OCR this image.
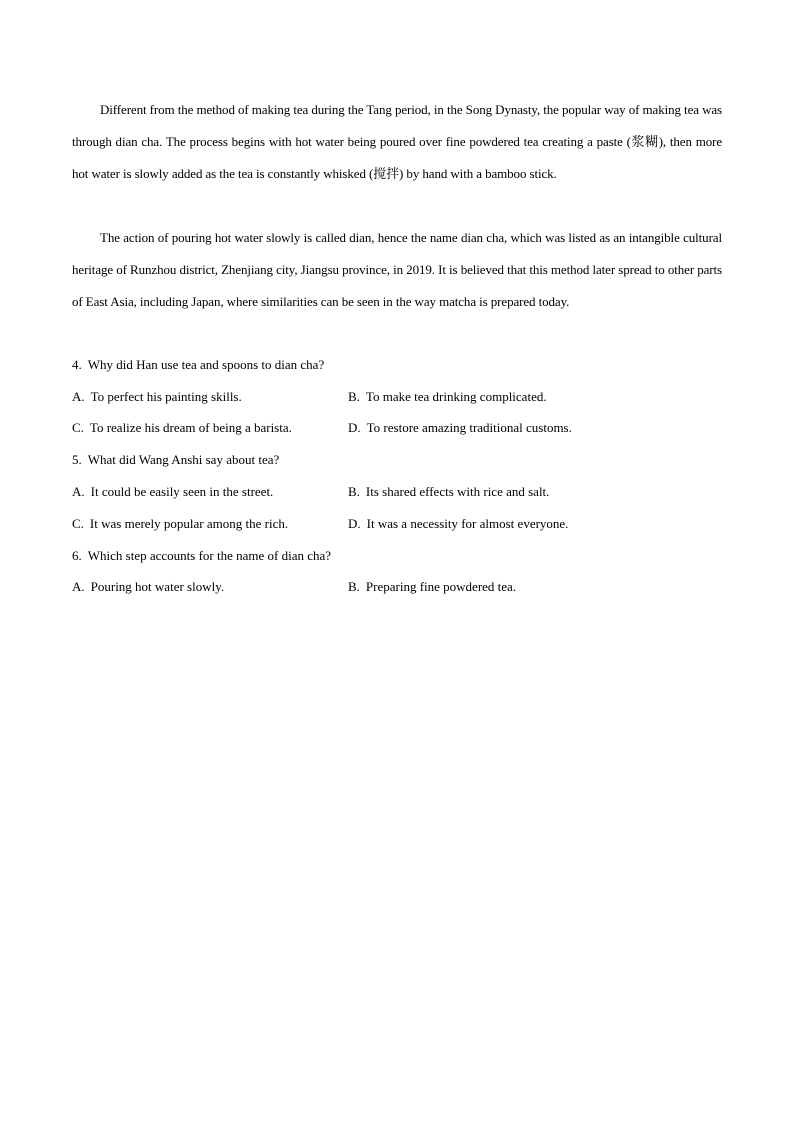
Different from the method of making tea during the Tang period, in the Song Dynasty, the popular way of making tea was through dian cha. The process begins with hot water being poured over fine powdered tea creating a paste (浆糊), then more hot water is slowly added as the tea is constantly whisked (搅拌) by hand with a bamboo stick.

The action of pouring hot water slowly is called dian, hence the name dian cha, which was listed as an intangible cultural heritage of Runzhou district, Zhenjiang city, Jiangsu province, in 2019. It is believed that this method later spread to other parts of East Asia, including Japan, where similarities can be seen in the way matcha is prepared today.

4. Why did Han use tea and spoons to dian cha?
A. To perfect his painting skills.	B. To make tea drinking complicated.
C. To realize his dream of being a barista.	D. To restore amazing traditional customs.
5. What did Wang Anshi say about tea?
A. It could be easily seen in the street.	B. Its shared effects with rice and salt.
C. It was merely popular among the rich.	D. It was a necessity for almost everyone.
6. Which step accounts for the name of dian cha?
A. Pouring hot water slowly.	B. Preparing fine powdered tea.
